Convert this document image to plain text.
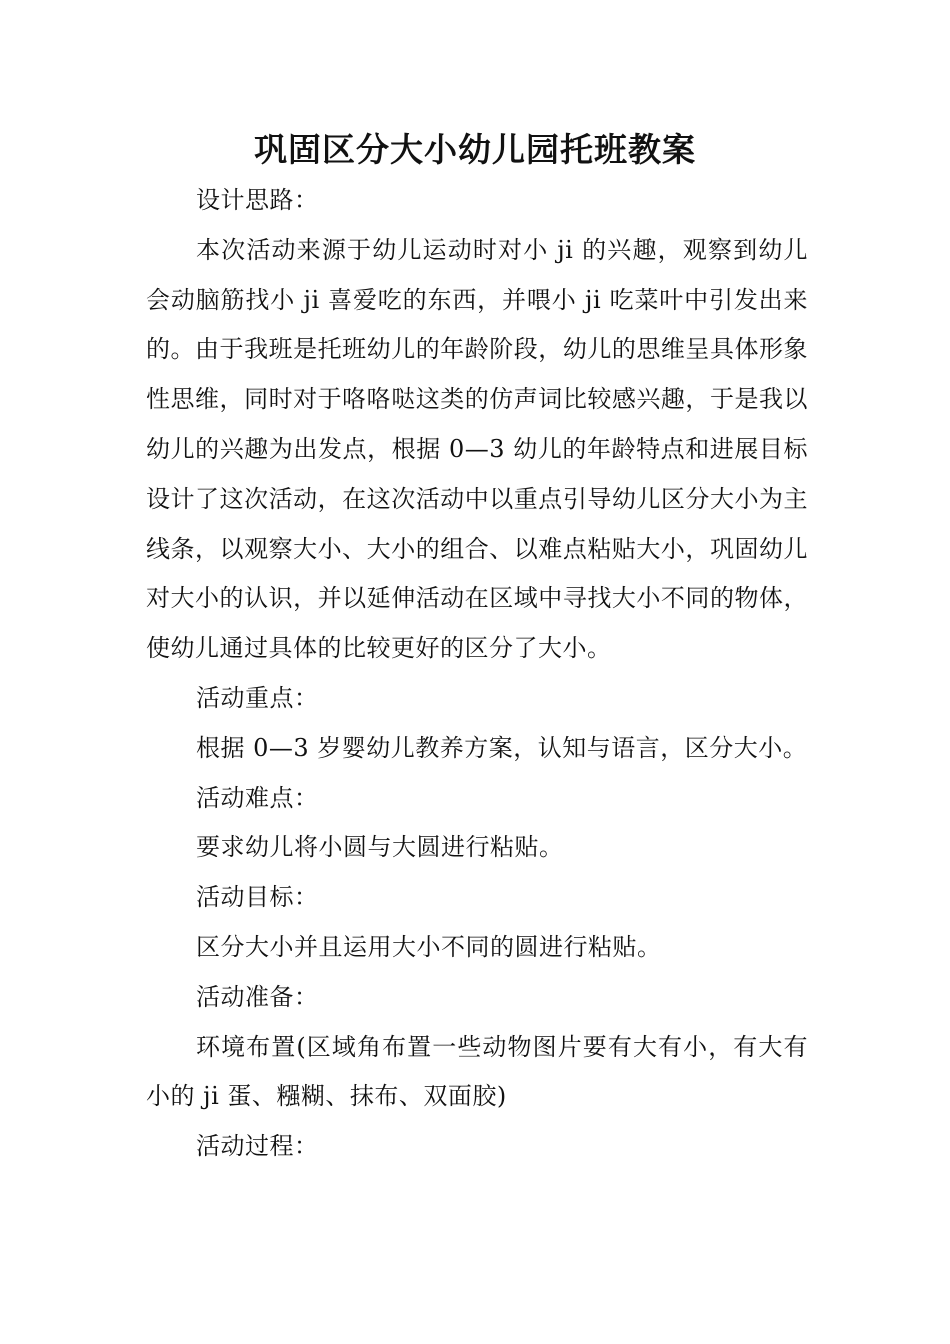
巩固区分大小幼儿园托班教案

设计思路：

本次活动来源于幼儿运动时对小 ji 的兴趣，观察到幼儿会动脑筋找小 ji 喜爱吃的东西，并喂小 ji 吃菜叶中引发出来的。由于我班是托班幼儿的年龄阶段，幼儿的思维呈具体形象性思维，同时对于咯咯哒这类的仿声词比较感兴趣，于是我以幼儿的兴趣为出发点，根据 0—3 幼儿的年龄特点和进展目标设计了这次活动，在这次活动中以重点引导幼儿区分大小为主线条，以观察大小、大小的组合、以难点粘贴大小，巩固幼儿对大小的认识，并以延伸活动在区域中寻找大小不同的物体，使幼儿通过具体的比较更好的区分了大小。

活动重点：

根据 0—3 岁婴幼儿教养方案，认知与语言，区分大小。

活动难点：

要求幼儿将小圆与大圆进行粘贴。

活动目标：

区分大小并且运用大小不同的圆进行粘贴。

活动准备：

环境布置(区域角布置一些动物图片要有大有小，有大有小的 ji 蛋、糨糊、抹布、双面胶)

活动过程：
